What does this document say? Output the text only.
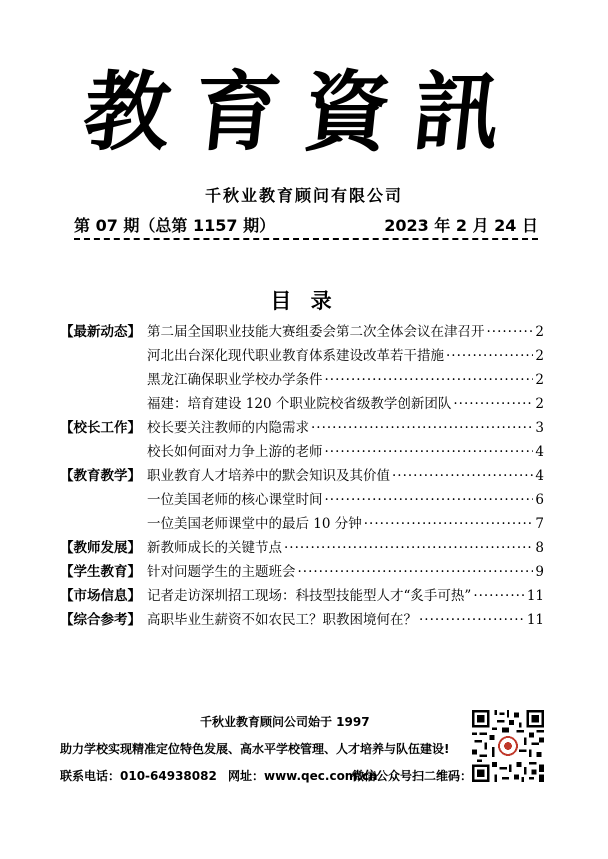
教育資訊
千秋业教育顾问有限公司
第 07 期（总第 1157 期）	2023 年 2 月 24 日
目 录
【最新动态】 第二届全国职业技能大赛组委会第二次全体会议在津召开 ·····	2
河北出台深化现代职业教育体系建设改革若干措施 ·····	2
黑龙江确保职业学校办学条件 ·····	2
福建：培育建设 120 个职业院校省级教学创新团队 ·····	2
【校长工作】 校长要关注教师的内隐需求 ·····	3
校长如何面对力争上游的老师 ·····	4
【教育教学】 职业教育人才培养中的默会知识及其价值 ·····	4
一位美国老师的核心课堂时间 ·····	6
一位美国老师课堂中的最后 10 分钟 ·····	7
【教师发展】 新教师成长的关键节点 ·····	8
【学生教育】 针对问题学生的主题班会 ·····	9
【市场信息】 记者走访深圳招工现场：科技型技能型人才“炙手可热” ·····	11
【综合参考】 高职毕业生薪资不如农民工？职教困境何在？ ·····	11
千秋业教育顾问公司始于 1997
助力学校实现精准定位特色发展、高水平学校管理、人才培养与队伍建设!
联系电话：010-64938082 网址：www.qec.com.cn
微信公众号扫二维码：
